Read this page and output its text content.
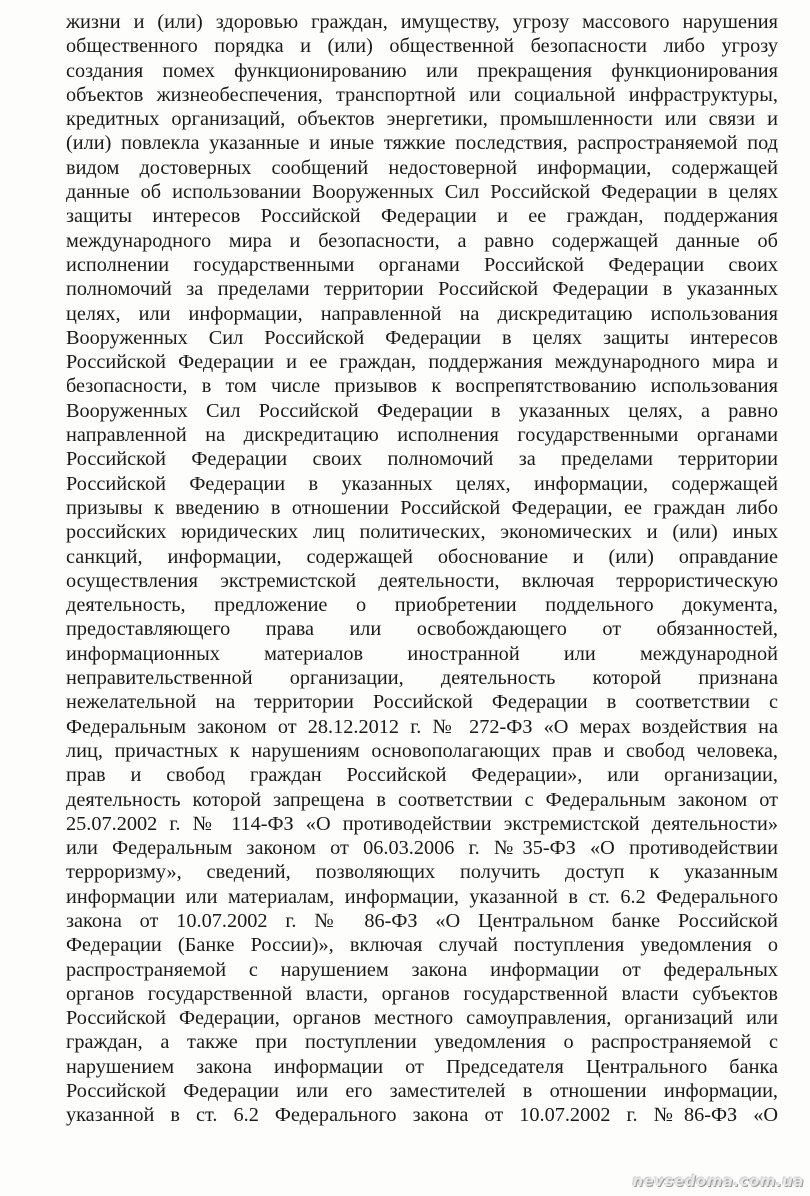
жизни и (или) здоровью граждан, имуществу, угрозу массового нарушения
общественного порядка и (или) общественной безопасности либо угрозу
создания помех функционированию или прекращения функционирования
объектов жизнеобеспечения, транспортной или социальной инфраструктуры,
кредитных организаций, объектов энергетики, промышленности или связи и
(или) повлекла указанные и иные тяжкие последствия, распространяемой под
видом достоверных сообщений недостоверной информации, содержащей
данные об использовании Вооруженных Сил Российской Федерации в целях
защиты интересов Российской Федерации и ее граждан, поддержания
международного мира и безопасности, а равно содержащей данные об
исполнении государственными органами Российской Федерации своих
полномочий за пределами территории Российской Федерации в указанных
целях, или информации, направленной на дискредитацию использования
Вооруженных Сил Российской Федерации в целях защиты интересов
Российской Федерации и ее граждан, поддержания международного мира и
безопасности, в том числе призывов к воспрепятствованию использования
Вооруженных Сил Российской Федерации в указанных целях, а равно
направленной на дискредитацию исполнения государственными органами
Российской Федерации своих полномочий за пределами территории
Российской Федерации в указанных целях, информации, содержащей
призывы к введению в отношении Российской Федерации, ее граждан либо
российских юридических лиц политических, экономических и (или) иных
санкций, информации, содержащей обоснование и (или) оправдание
осуществления экстремистской деятельности, включая террористическую
деятельность, предложение о приобретении поддельного документа,
предоставляющего права или освобождающего от обязанностей,
информационных материалов иностранной или международной
неправительственной организации, деятельность которой признана
нежелательной на территории Российской Федерации в соответствии с
Федеральным законом от 28.12.2012 г. № 272-ФЗ «О мерах воздействия на
лиц, причастных к нарушениям основополагающих прав и свобод человека,
прав и свобод граждан Российской Федерации», или организации,
деятельность которой запрещена в соответствии с Федеральным законом от
25.07.2002 г. № 114-ФЗ «О противодействии экстремистской деятельности»
или Федеральным законом от 06.03.2006 г. №35-ФЗ «О противодействии
терроризму», сведений, позволяющих получить доступ к указанным
информации или материалам, информации, указанной в ст. 6.2 Федерального
закона от 10.07.2002 г. № 86-ФЗ «О Центральном банке Российской
Федерации (Банке России)», включая случай поступления уведомления о
распространяемой с нарушением закона информации от федеральных
органов государственной власти, органов государственной власти субъектов
Российской Федерации, органов местного самоуправления, организаций или
граждан, а также при поступлении уведомления о распространяемой с
нарушением закона информации от Председателя Центрального банка
Российской Федерации или его заместителей в отношении информации,
указанной в ст. 6.2 Федерального закона от 10.07.2002 г. №86-ФЗ «О
nevsedoma.com.ua
